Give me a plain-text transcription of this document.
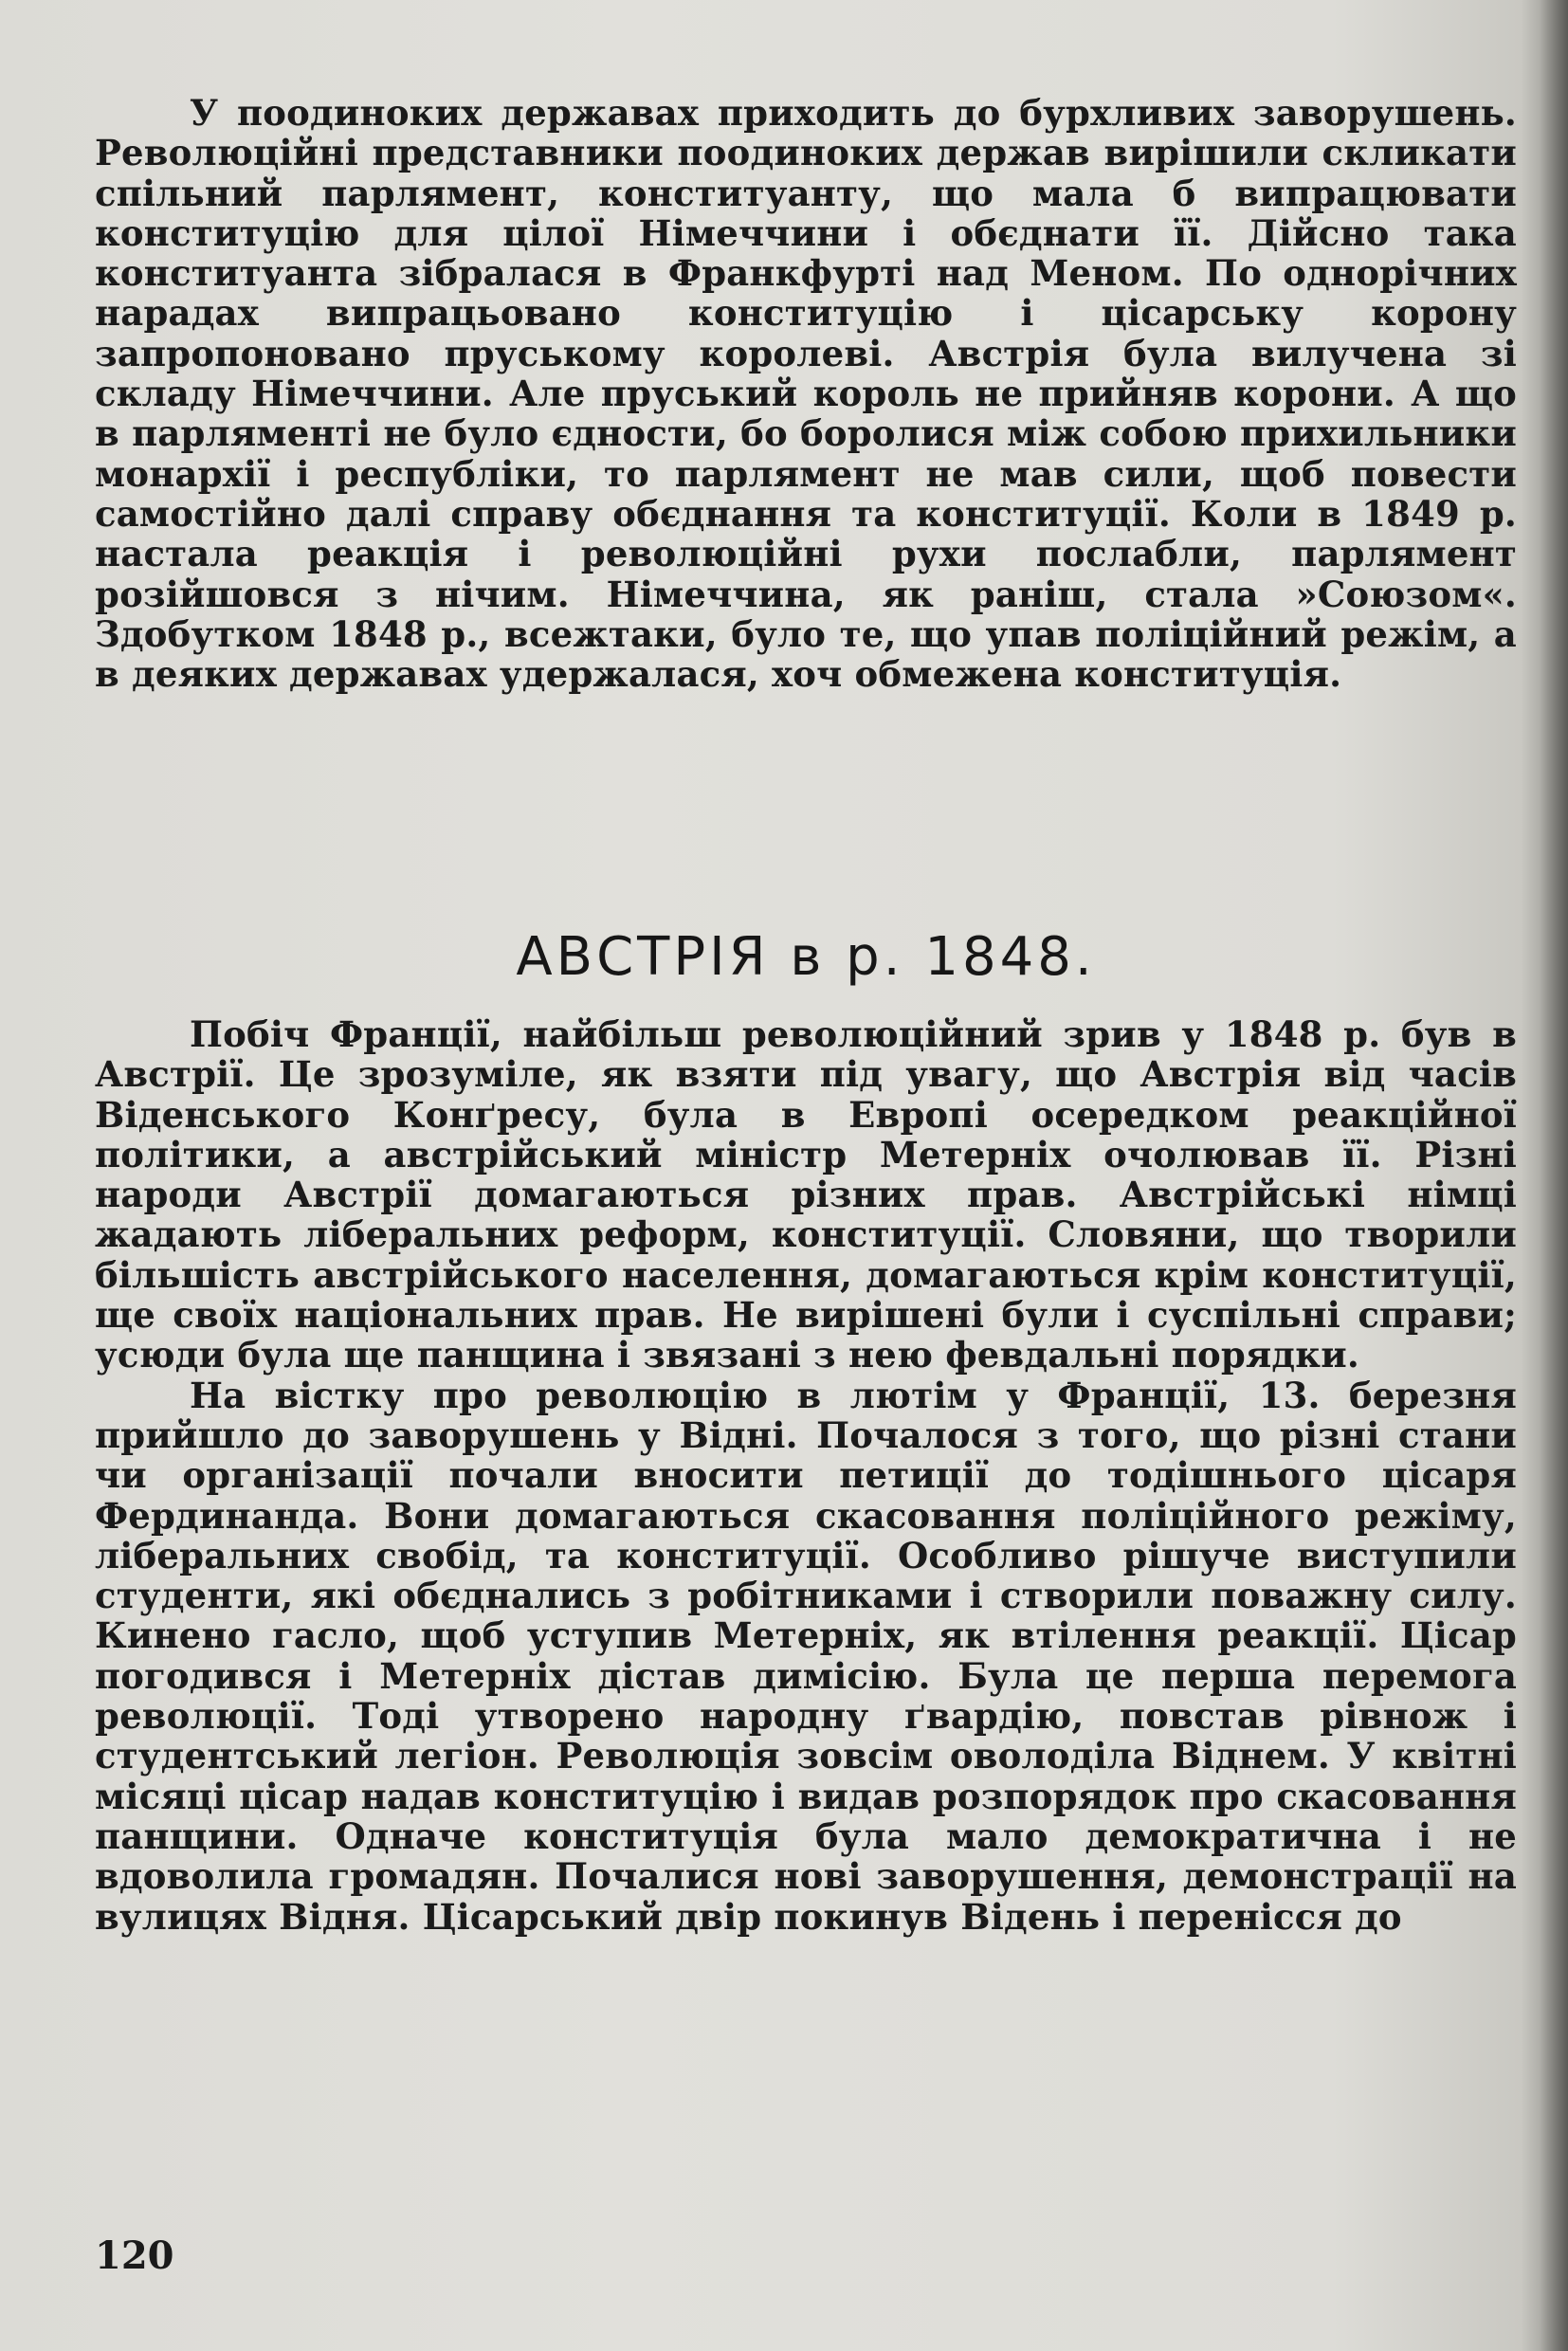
У поодиноких державах приходить до бурхливих заворушень. Революційні представники поодиноких держав вирішили скликати спільний парлямент, конституанту, що мала б випрацювати конституцію для цілої Німеччини і обєднати її. Дійсно така конституанта зібралася в Франкфурті над Меном. По однорічних нарадах випрацьовано конституцію і цісарську корону запропоновано пруському королеві. Австрія була вилучена зі складу Німеччини. Але пруський король не прийняв корони. А що в парляменті не було єдности, бо боролися між собою прихильники монархії і республіки, то парлямент не мав сили, щоб повести самостійно далі справу обєднання та конституції. Коли в 1849 р. настала реакція і революційні рухи послабли, парлямент розійшовся з нічим. Німеччина, як раніш, стала »Союзом«. Здобутком 1848 р., всежтаки, було те, що упав поліційний режім, а в деяких державах удержалася, хоч обмежена конституція.

АВСТРІЯ в р. 1848.

Побіч Франції, найбільш революційний зрив у 1848 р. був в Австрії. Це зрозуміле, як взяти під увагу, що Австрія від часів Віденського Конґресу, була в Европі осередком реакційної політики, а австрійський міністр Метерніх очолював її. Різні народи Австрії домагаються різних прав. Австрійські німці жадають ліберальних реформ, конституції. Словяни, що творили більшість австрійського населення, домагаються крім конституції, ще своїх національних прав. Не вирішені були і суспільні справи; усюди була ще панщина і звязані з нею февдальні порядки.

На вістку про революцію в лютім у Франції, 13. березня прийшло до заворушень у Відні. Почалося з того, що різні стани чи організації почали вносити петиції до тодішнього цісаря Фердинанда. Вони домагаються скасовання поліційного режіму, ліберальних свобід, та конституції. Особливо рішуче виступили студенти, які обєднались з робітниками і створили поважну силу. Кинено гасло, щоб уступив Метерніх, як втілення реакції. Цісар погодився і Метерніх дістав димісію. Була це перша перемога революції. Тоді утворено народну ґвардію, повстав рівнож і студентський легіон. Революція зовсім оволоділа Віднем. У квітні місяці цісар надав конституцію і видав розпорядок про скасовання панщини. Одначе конституція була мало демократична і не вдоволила громадян. Почалися нові заворушення, демонстрації на вулицях Відня. Цісарський двір покинув Відень і перенісся до

120
